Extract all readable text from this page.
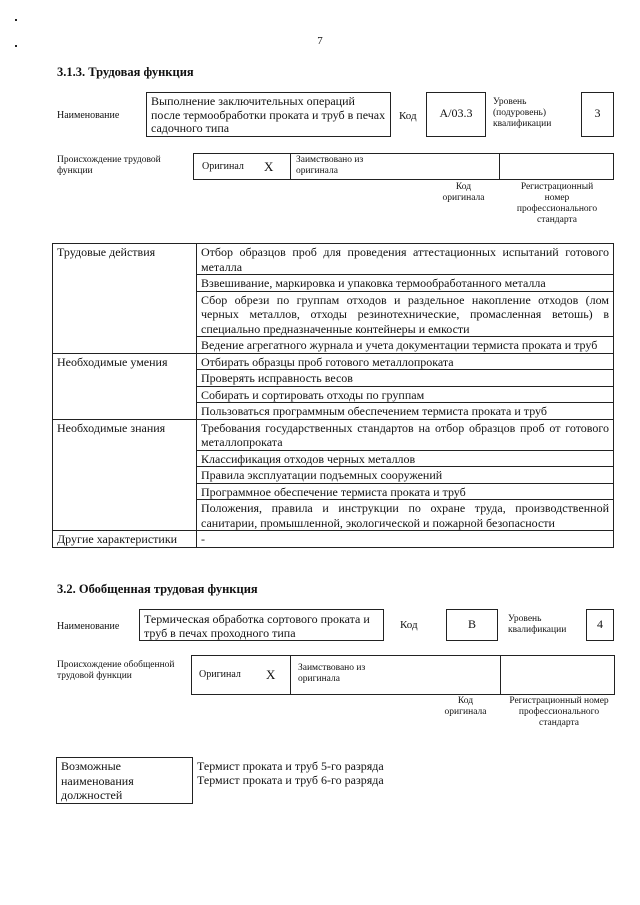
7
3.1.3. Трудовая функция
Наименование
Выполнение заключительных операций после термообработки проката и труб в печах садочного типа
Код	А/03.3
Уровень (подуровень) квалификации
3
Происхождение трудовой функции	Оригинал X Заимствовано из оригинала
Код оригинала
Регистрационный номер профессионального стандарта
Трудовые действия	Отбор образцов проб для проведения аттестационных испытаний готового металла
	Взвешивание, маркировка и упаковка термообработанного металла
	Сбор обрези по группам отходов и раздельное накопление отходов (лом черных металлов, отходы резинотехнические, промасленная ветошь) в специально предназначенные контейнеры и емкости
	Ведение агрегатного журнала и учета документации термиста проката и труб
Необходимые умения	Отбирать образцы проб готового металлопроката
	Проверять исправность весов
	Собирать и сортировать отходы по группам
	Пользоваться программным обеспечением термиста проката и труб
Необходимые знания	Требования государственных стандартов на отбор образцов проб от готового металлопроката
	Классификация отходов черных металлов
	Правила эксплуатации подъемных сооружений
	Программное обеспечение термиста проката и труб
	Положения, правила и инструкции по охране труда, производственной санитарии, промышленной, экологической и пожарной безопасности
Другие характеристики	-
3.2. Обобщенная трудовая функция
Наименование
Термическая обработка сортового проката и труб в печах проходного типа
Код	В	Уровень квалификации	4
Происхождение обобщенной трудовой функции	Оригинал X Заимствовано из оригинала
Код оригинала
Регистрационный номер профессионального стандарта
Возможные наименования должностей	
Термист проката и труб 5-го разряда
Термист проката и труб 6-го разряда
